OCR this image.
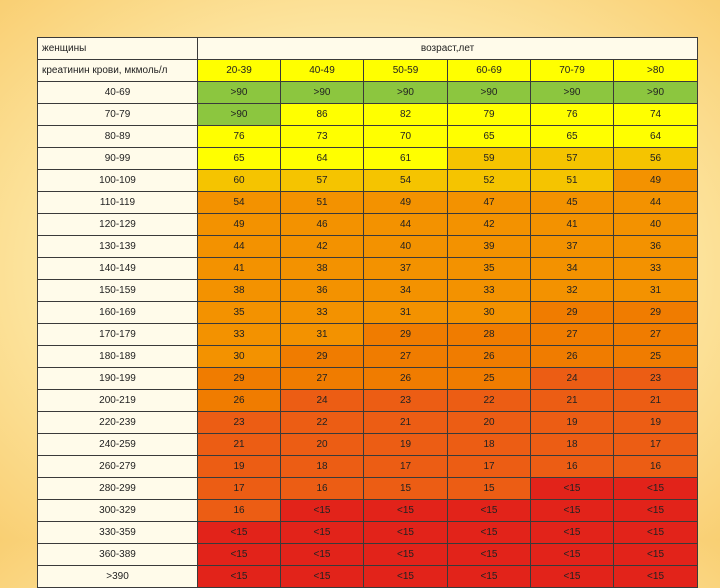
женщины	возраст,лет					
креатинин крови, мкмоль/л	20-39	40-49	50-59	60-69	70-79	>80
40-69	>90	>90	>90	>90	>90	>90
70-79	>90	86	82	79	76	74
80-89	76	73	70	65	65	64
90-99	65	64	61	59	57	56
100-109	60	57	54	52	51	49
110-119	54	51	49	47	45	44
120-129	49	46	44	42	41	40
130-139	44	42	40	39	37	36
140-149	41	38	37	35	34	33
150-159	38	36	34	33	32	31
160-169	35	33	31	30	29	29
170-179	33	31	29	28	27	27
180-189	30	29	27	26	26	25
190-199	29	27	26	25	24	23
200-219	26	24	23	22	21	21
220-239	23	22	21	20	19	19
240-259	21	20	19	18	18	17
260-279	19	18	17	17	16	16
280-299	17	16	15	15	<15	<15
300-329	16	<15	<15	<15	<15	<15
330-359	<15	<15	<15	<15	<15	<15
360-389	<15	<15	<15	<15	<15	<15
>390	<15	<15	<15	<15	<15	<15
